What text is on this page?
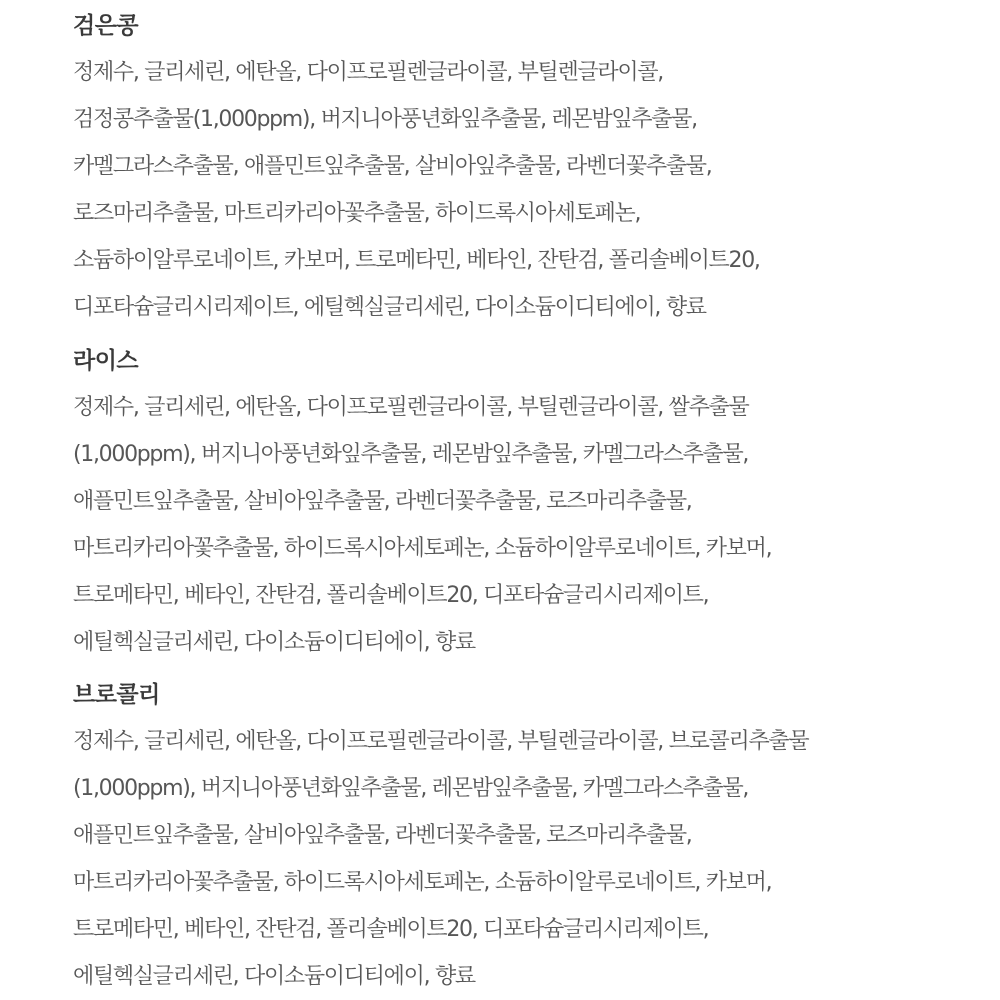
검은콩
정제수, 글리세린, 에탄올, 다이프로필렌글라이콜, 부틸렌글라이콜,
검정콩추출물(1,000ppm), 버지니아풍년화잎추출물, 레몬밤잎추출물,
카멜그라스추출물, 애플민트잎추출물, 살비아잎추출물, 라벤더꽃추출물,
로즈마리추출물, 마트리카리아꽃추출물, 하이드록시아세토페논,
소듐하이알루로네이트, 카보머, 트로메타민, 베타인, 잔탄검, 폴리솔베이트20,
디포타슘글리시리제이트, 에틸헥실글리세린, 다이소듐이디티에이, 향료
라이스
정제수, 글리세린, 에탄올, 다이프로필렌글라이콜, 부틸렌글라이콜, 쌀추출물
(1,000ppm), 버지니아풍년화잎추출물, 레몬밤잎추출물, 카멜그라스추출물,
애플민트잎추출물, 살비아잎추출물, 라벤더꽃추출물, 로즈마리추출물,
마트리카리아꽃추출물, 하이드록시아세토페논, 소듐하이알루로네이트, 카보머,
트로메타민, 베타인, 잔탄검, 폴리솔베이트20, 디포타슘글리시리제이트,
에틸헥실글리세린, 다이소듐이디티에이, 향료
브로콜리
정제수, 글리세린, 에탄올, 다이프로필렌글라이콜, 부틸렌글라이콜, 브로콜리추출물
(1,000ppm), 버지니아풍년화잎추출물, 레몬밤잎추출물, 카멜그라스추출물,
애플민트잎추출물, 살비아잎추출물, 라벤더꽃추출물, 로즈마리추출물,
마트리카리아꽃추출물, 하이드록시아세토페논, 소듐하이알루로네이트, 카보머,
트로메타민, 베타인, 잔탄검, 폴리솔베이트20, 디포타슘글리시리제이트,
에틸헥실글리세린, 다이소듐이디티에이, 향료
